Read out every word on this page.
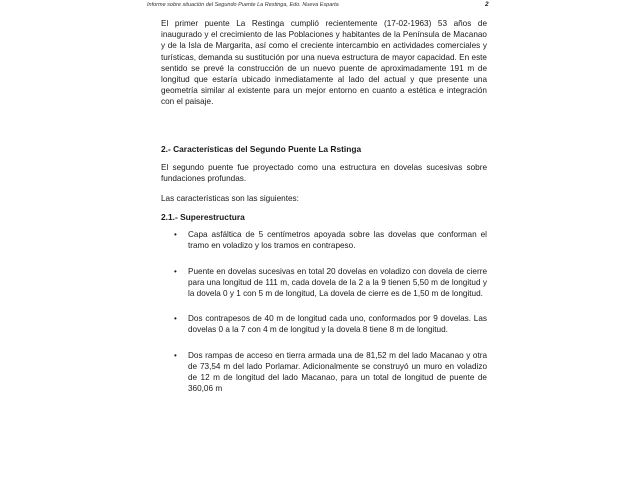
Informe sobre situación del Segundo Puente La Restinga, Edo. Nueva Esparta	2

El primer puente La Restinga cumplió recientemente (17-02-1963) 53 años de inaugurado y el crecimiento de las Poblaciones y habitantes de la Península de Macanao y de la Isla de Margarita, así como el creciente intercambio en actividades comerciales y turísticas, demanda su sustitución por una nueva estructura de mayor capacidad. En este sentido se prevé la construcción de un nuevo puente de aproximadamente 191 m de longitud que estaría ubicado inmediatamente al lado del actual y que presente una geometría similar al existente para un mejor entorno en cuanto a estética e integración con el paisaje.

2.- Características del Segundo Puente La Rstinga

El segundo puente fue proyectado como una estructura en dovelas sucesivas sobre fundaciones profundas.

Las características son las siguientes:

2.1.- Superestructura
• Capa asfáltica de 5 centímetros apoyada sobre las dovelas que conforman el tramo en voladizo y los tramos en contrapeso.
• Puente en dovelas sucesivas en total 20 dovelas en voladizo con dovela de cierre para una longitud de 111 m, cada dovela de la 2 a la 9 tienen 5,50 m de longitud y la dovela 0 y 1 con 5 m de longitud, La dovela de cierre es de 1,50 m de longitud.
• Dos contrapesos de 40 m de longitud cada uno, conformados por 9 dovelas. Las dovelas 0 a la 7 con 4 m de longitud y la dovela 8 tiene 8 m de longitud.
• Dos rampas de acceso en tierra armada una de 81,52 m del lado Macanao y otra de 73,54 m del lado Porlamar. Adicionalmente se construyó un muro en voladizo de 12 m de longitud del lado Macanao, para un total de longitud de puente de 360,06 m
